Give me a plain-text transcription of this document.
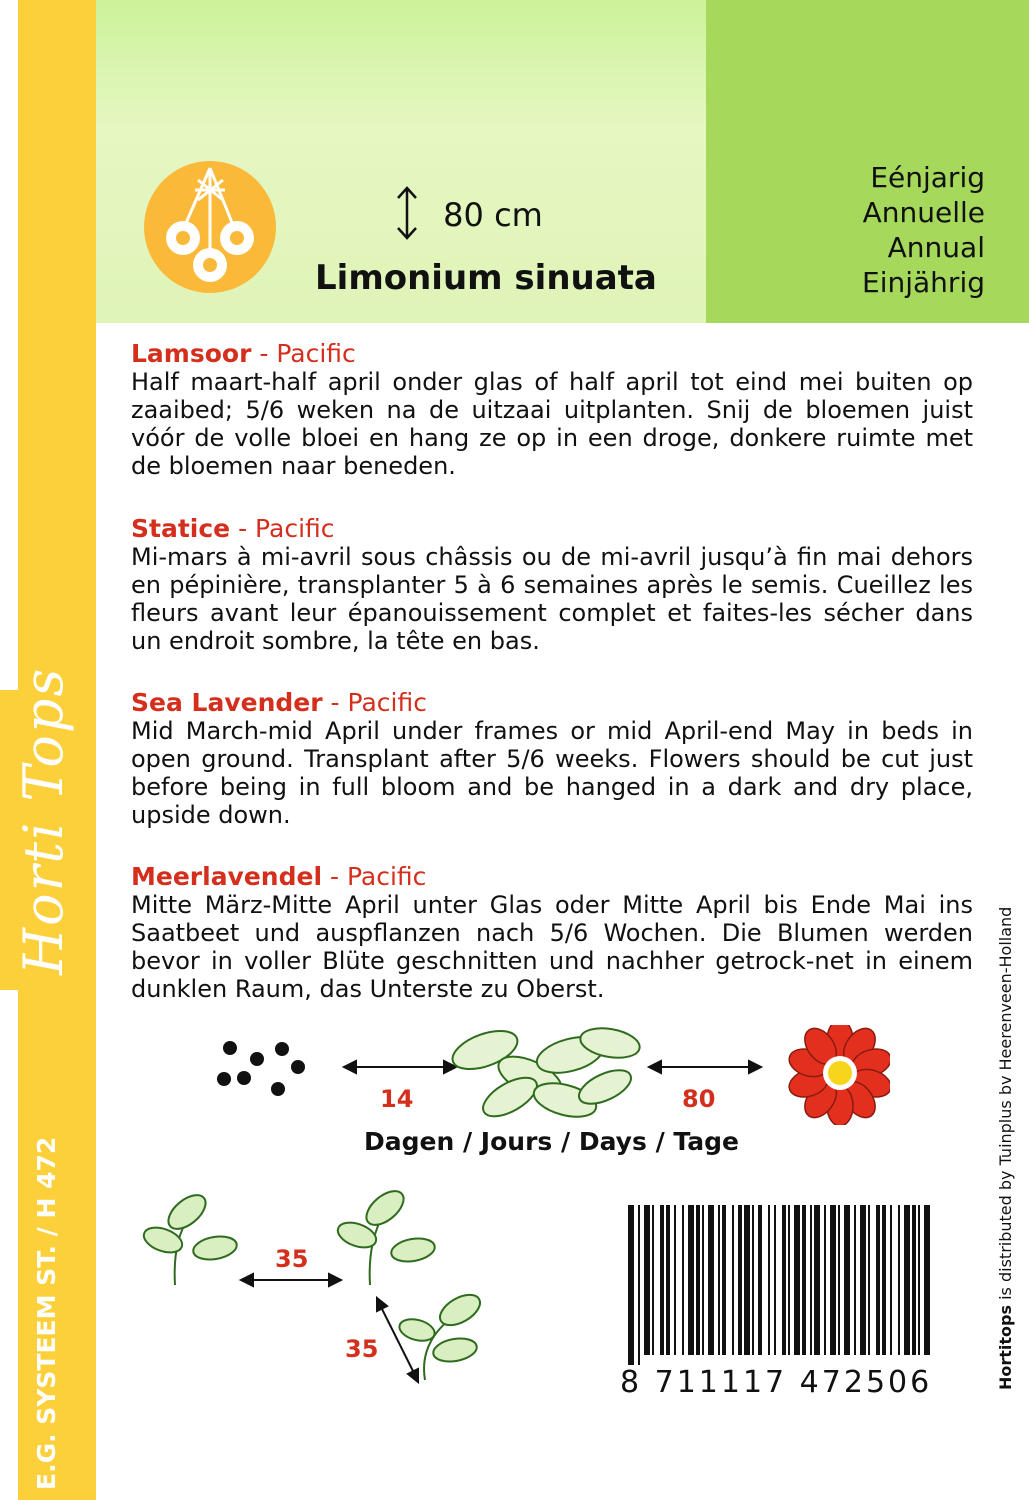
Horti Tops
E.G. SYSTEEM ST. / H 472
80 cm
Limonium sinuata
Eénjarig
Annuelle
Annual
Einjährig
Lamsoor - Pacific
Half maart-half april onder glas of half april tot eind mei buiten op zaaibed; 5/6 weken na de uitzaai uitplanten. Snij de bloemen juist vóór de volle bloei en hang ze op in een droge, donkere ruimte met de bloemen naar beneden.
Statice - Pacific
Mi-mars à mi-avril sous châssis ou de mi-avril jusqu’à fin mai dehors en pépinière, transplanter 5 à 6 semaines après le semis. Cueillez les fleurs avant leur épanouissement complet et faites-les sécher dans un endroit sombre, la tête en bas.
Sea Lavender - Pacific
Mid March-mid April under frames or mid April-end May in beds in open ground. Transplant after 5/6 weeks. Flowers should be cut just before being in full bloom and be hanged in a dark and dry place, upside down.
Meerlavendel - Pacific
Mitte März-Mitte April unter Glas oder Mitte April bis Ende Mai ins Saatbeet und auspflanzen nach 5/6 Wochen. Die Blumen werden bevor in voller Blüte geschnitten und nachher getrock-net in einem dunklen Raum, das Unterste zu Oberst.
14	80
Dagen / Jours / Days / Tage
35
35
8 711117 472506	Hortitops is distributed by Tuinplus bv Heerenveen-Holland
